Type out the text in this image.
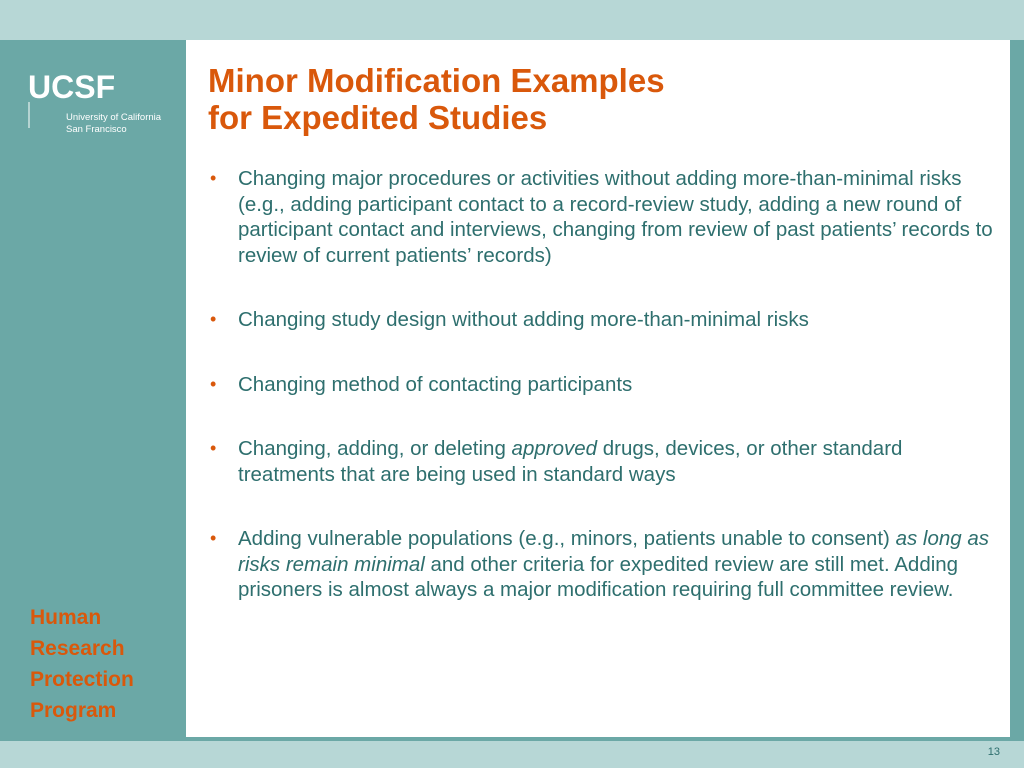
UCSF
University of California
San Francisco
Human
Research
Protection
Program
Minor Modification Examples
for Expedited Studies
• Changing major procedures or activities without adding more-than-minimal risks
(e.g., adding participant contact to a record-review study, adding a new round of participant contact and interviews, changing from review of past patients’ records to review of current patients’ records)
• Changing study design without adding more-than-minimal risks
• Changing method of contacting participants
• Changing, adding, or deleting approved drugs, devices, or other standard treatments that are being used in standard ways
• Adding vulnerable populations (e.g., minors, patients unable to consent) as long as risks remain minimal and other criteria for expedited review are still met. Adding prisoners is almost always a major modification requiring full committee review.
13
